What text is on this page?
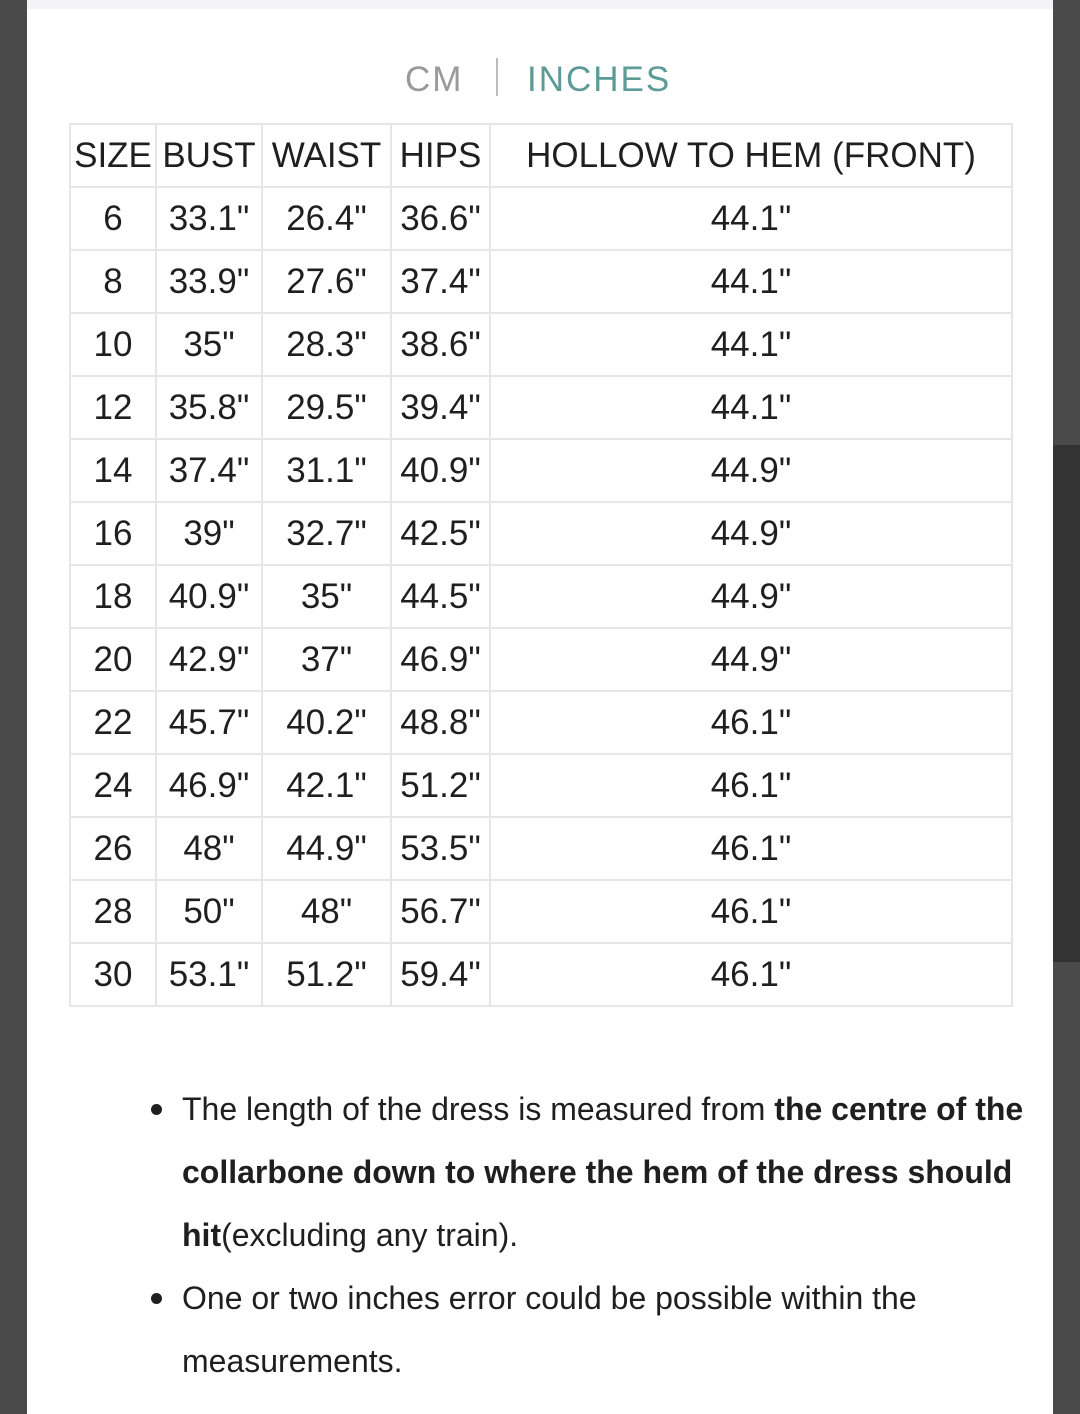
CM INCHES
SIZE	BUST	WAIST	HIPS	HOLLOW TO HEM (FRONT)
6	33.1"	26.4"	36.6"	44.1"
8	33.9"	27.6"	37.4"	44.1"
10	35"	28.3"	38.6"	44.1"
12	35.8"	29.5"	39.4"	44.1"
14	37.4"	31.1"	40.9"	44.9"
16	39"	32.7"	42.5"	44.9"
18	40.9"	35"	44.5"	44.9"
20	42.9"	37"	46.9"	44.9"
22	45.7"	40.2"	48.8"	46.1"
24	46.9"	42.1"	51.2"	46.1"
26	48"	44.9"	53.5"	46.1"
28	50"	48"	56.7"	46.1"
30	53.1"	51.2"	59.4"	46.1"
The length of the dress is measured from the centre of the collarbone down to where the hem of the dress should hit(excluding any train).
One or two inches error could be possible within the measurements.
